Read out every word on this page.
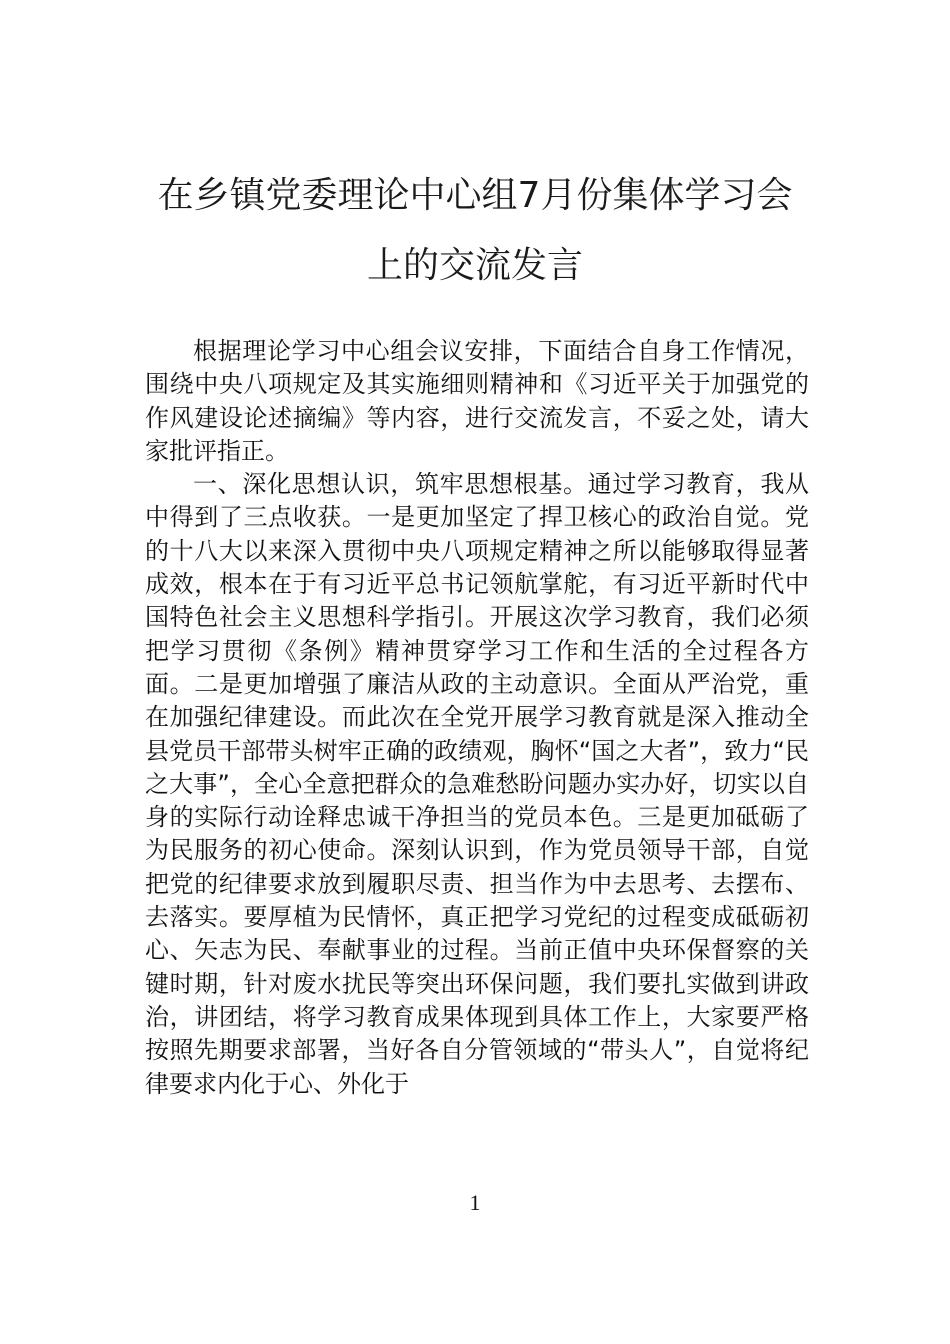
在乡镇党委理论中心组7月份集体学习会
上的交流发言

根据理论学习中心组会议安排，下面结合自身工作情况，围绕中央八项规定及其实施细则精神和《习近平关于加强党的作风建设论述摘编》等内容，进行交流发言，不妥之处，请大家批评指正。

一、深化思想认识，筑牢思想根基。通过学习教育，我从中得到了三点收获。一是更加坚定了捍卫核心的政治自觉。党的十八大以来深入贯彻中央八项规定精神之所以能够取得显著成效，根本在于有习近平总书记领航掌舵，有习近平新时代中国特色社会主义思想科学指引。开展这次学习教育，我们必须把学习贯彻《条例》精神贯穿学习工作和生活的全过程各方面。二是更加增强了廉洁从政的主动意识。全面从严治党，重在加强纪律建设。而此次在全党开展学习教育就是深入推动全县党员干部带头树牢正确的政绩观，胸怀“国之大者”，致力“民之大事”，全心全意把群众的急难愁盼问题办实办好，切实以自身的实际行动诠释忠诚干净担当的党员本色。三是更加砥砺了为民服务的初心使命。深刻认识到，作为党员领导干部，自觉把党的纪律要求放到履职尽责、担当作为中去思考、去摆布、去落实。要厚植为民情怀，真正把学习党纪的过程变成砥砺初心、矢志为民、奉献事业的过程。当前正值中央环保督察的关键时期，针对废水扰民等突出环保问题，我们要扎实做到讲政治，讲团结，将学习教育成果体现到具体工作上，大家要严格按照先期要求部署，当好各自分管领域的“带头人”，自觉将纪律要求内化于心、外化于

1
